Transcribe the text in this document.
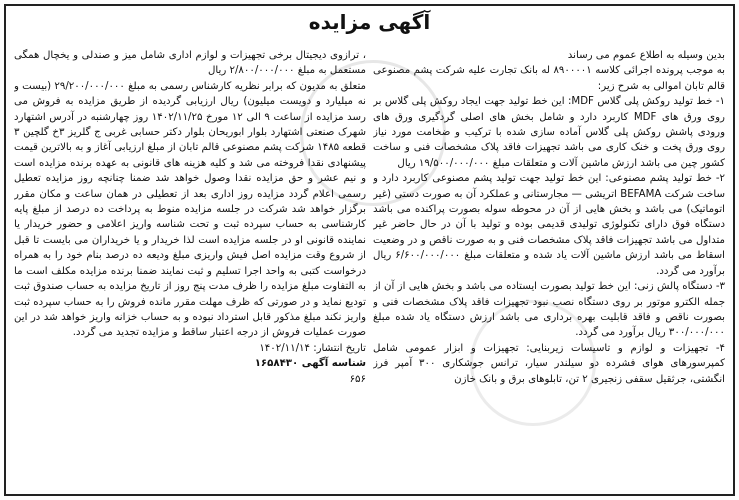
آگهی مزایده

بدین وسیله به اطلاع عموم می رساند

به موجب پرونده اجرائی کلاسه ۸۹۰۰۰۰۱ له بانک تجارت علیه شرکت پشم مصنوعی قالم تابان اموالی به شرح زیر:

۱- خط تولید روکش پلی گلاس MDF: این خط تولید جهت ایجاد روکش پلی گلاس بر روی ورق های MDF کاربرد دارد و شامل بخش های اصلی گردگیری ورق های ورودی پاشش روکش پلی گلاس آماده سازی شده با ترکیب و ضخامت مورد نیاز روی ورق پخت و خنک کاری می باشد تجهیزات فاقد پلاک مشخصات فنی و ساخت کشور چین می باشد ارزش ماشین آلات و متعلقات مبلغ ۱۹/۵۰۰/۰۰۰/۰۰۰ ریال

۲- خط تولید پشم مصنوعی: این خط تولید جهت تولید پشم مصنوعی کاربرد دارد و ساخت شرکت BEFAMA اتریشی — مجارستانی و عملکرد آن به صورت دستی (غیر اتوماتیک) می باشد و بخش هایی از آن در محوطه سوله بصورت پراکنده می باشد دستگاه فوق دارای تکنولوژی تولیدی قدیمی بوده و تولید با آن در حال حاضر غیر متداول می باشد تجهیزات فاقد پلاک مشخصات فنی و به صورت ناقص و در وضعیت اسقاط می باشد ارزش ماشین آلات یاد شده و متعلقات مبلغ ۶/۶۰۰/۰۰۰/۰۰۰ ریال برآورد می گردد.

۳- دستگاه پالش زنی: این خط تولید بصورت ایستاده می باشد و بخش هایی از آن از جمله الکترو موتور بر روی دستگاه نصب نبود تجهیزات فاقد پلاک مشخصات فنی و بصورت ناقص و فاقد قابلیت بهره برداری می باشد ارزش دستگاه یاد شده مبلغ ۳۰۰/۰۰۰/۰۰۰ ریال برآورد می گردد.

۴- تجهیزات و لوازم و تاسیسات زیربنایی: تجهیزات و ابزار عمومی شامل کمپرسورهای هوای فشرده دو سیلندر سیار، ترانس جوشکاری ۳۰۰ آمپر فرز انگشتی، جرثقیل سقفی زنجیری ۲ تن، تابلوهای برق و بانک خازن

، ترازوی دیجیتال برخی تجهیزات و لوازم اداری شامل میز و صندلی و یخچال همگی مستعمل به مبلغ ۲/۸۰۰/۰۰۰/۰۰۰ ریال

متعلق به مدیون که برابر نظریه کارشناس رسمی به مبلغ ۲۹/۲۰۰/۰۰۰/۰۰۰ (بیست و نه میلیارد و دویست میلیون) ریال ارزیابی گردیده از طریق مزایده به فروش می رسد مزایده از ساعت ۹ الی ۱۲ مورخ ۱۴۰۲/۱۱/۲۵ روز چهارشنبه در آدرس اشتهارد شهرک صنعتی اشتهارد بلوار ابوریحان بلوار دکتر حسابی غربی ج گلریز ۳خ گلچین ۳ قطعه ۱۴۸۵ شرکت پشم مصنوعی قالم تابان از مبلغ ارزیابی آغاز و به بالاترین قیمت پیشنهادی نقدا فروخته می شد و کلیه هزینه های قانونی به عهده برنده مزایده است و نیم عشر و حق مزایده نقدا وصول خواهد شد ضمنا چنانچه روز مزایده تعطیل رسمی اعلام گردد مزایده روز اداری بعد از تعطیلی در همان ساعت و مکان مقرر برگزار خواهد شد شرکت در جلسه مزایده منوط به پرداخت ده درصد از مبلغ پایه کارشناسی به حساب سپرده ثبت و تحت شناسه واریز اعلامی و حضور خریدار یا نماینده قانونی او در جلسه مزایده است لذا خریدار و یا خریداران می بایست تا قبل از شروع وقت مزایده اصل فیش واریزی مبلغ ودیعه ده درصد بنام خود را به همراه درخواست کتبی به واحد اجرا تسلیم و ثبت نمایند ضمنا برنده مزایده مکلف است ما به التفاوت مبلغ مزایده را ظرف مدت پنج روز از تاریخ مزایده به حساب صندوق ثبت تودیع نماید و در صورتی که ظرف مهلت مقرر مانده فروش را به حساب سپرده ثبت واریز نکند مبلغ مذکور قابل استرداد نبوده و به حساب خزانه واریز خواهد شد در این صورت عملیات فروش از درجه اعتبار ساقط و مزایده تجدید می گردد.

تاریخ انتشار: ۱۴۰۲/۱۱/۱۴

شناسه آگهی ۱۶۵۸۴۳۰

۶۵۶
